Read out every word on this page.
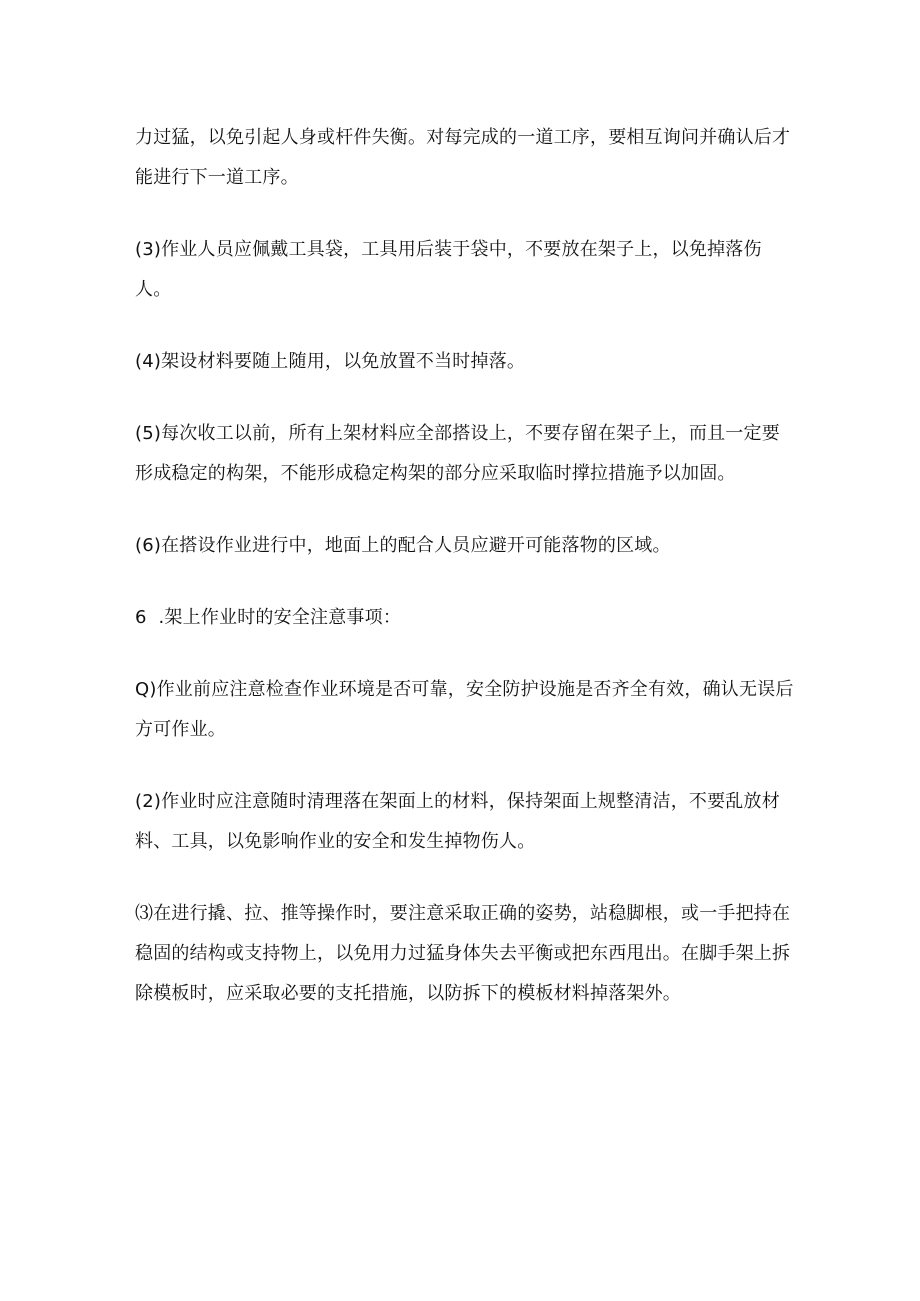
力过猛，以免引起人身或杆件失衡。对每完成的一道工序，要相互询问并确认后才能进行下一道工序。

(3)作业人员应佩戴工具袋，工具用后装于袋中，不要放在架子上，以免掉落伤人。

(4)架设材料要随上随用，以免放置不当时掉落。

(5)每次收工以前，所有上架材料应全部搭设上，不要存留在架子上，而且一定要形成稳定的构架，不能形成稳定构架的部分应采取临时撑拉措施予以加固。

(6)在搭设作业进行中，地面上的配合人员应避开可能落物的区域。

6  .架上作业时的安全注意事项：

Q)作业前应注意检查作业环境是否可靠，安全防护设施是否齐全有效，确认无误后方可作业。

(2)作业时应注意随时清理落在架面上的材料，保持架面上规整清洁，不要乱放材料、工具，以免影响作业的安全和发生掉物伤人。

⑶在进行撬、拉、推等操作时，要注意采取正确的姿势，站稳脚根，或一手把持在稳固的结构或支持物上，以免用力过猛身体失去平衡或把东西甩出。在脚手架上拆除模板时，应采取必要的支托措施，以防拆下的模板材料掉落架外。
